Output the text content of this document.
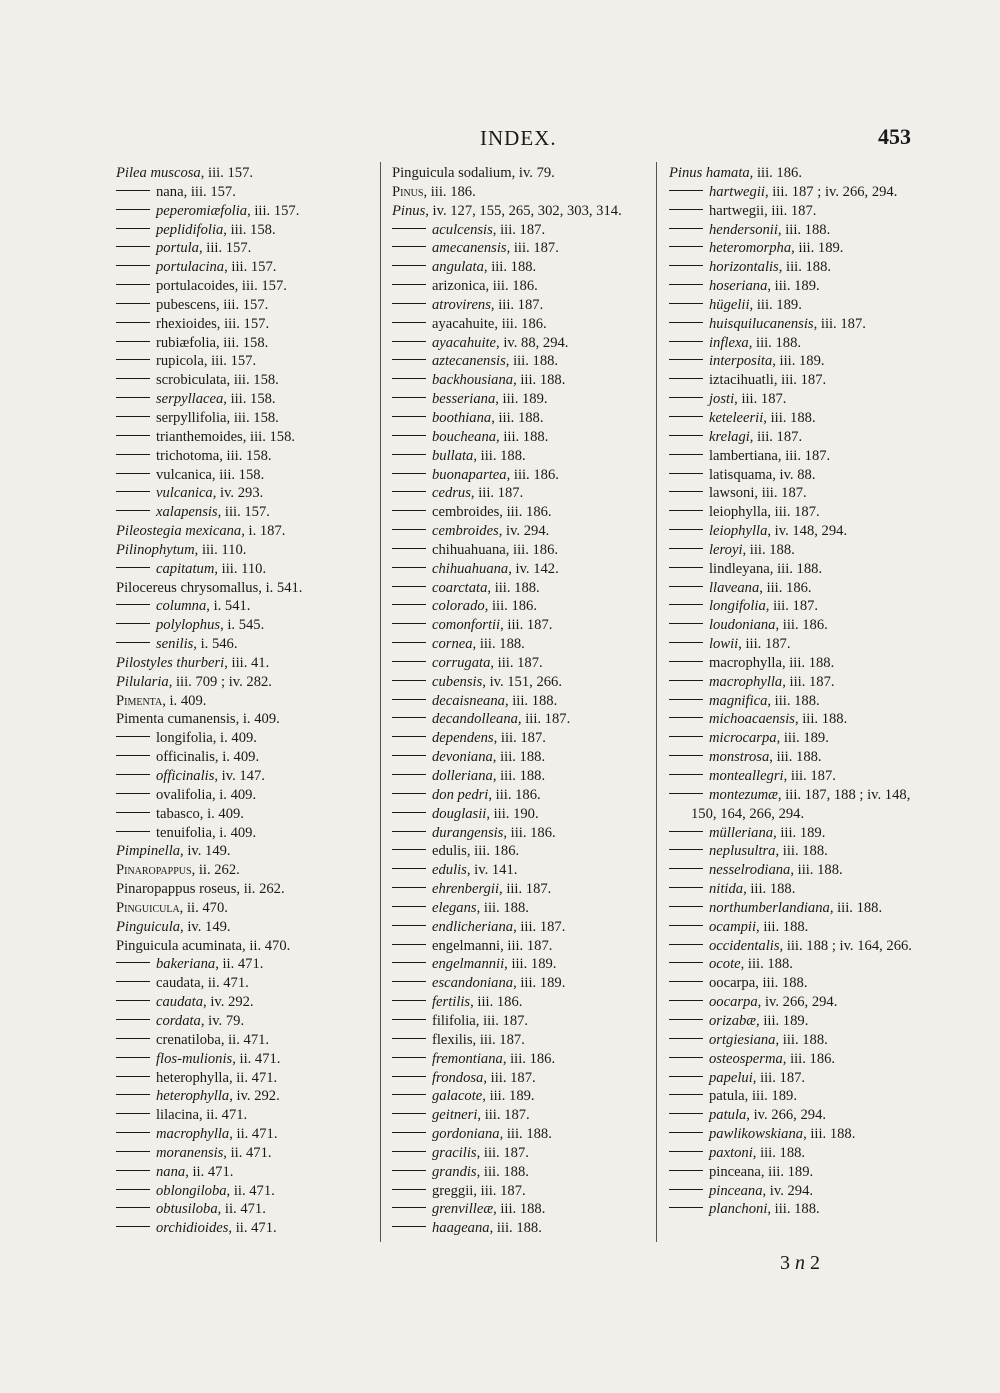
INDEX.	453
Pilea muscosa, iii. 157.
nana, iii. 157.
peperomiæfolia, iii. 157.
peplidifolia, iii. 158.
portula, iii. 157.
portulacina, iii. 157.
portulacoides, iii. 157.
pubescens, iii. 157.
rhexioides, iii. 157.
rubiæfolia, iii. 158.
rupicola, iii. 157.
scrobiculata, iii. 158.
serpyllacea, iii. 158.
serpyllifolia, iii. 158.
trianthemoides, iii. 158.
trichotoma, iii. 158.
vulcanica, iii. 158.
vulcanica, iv. 293.
xalapensis, iii. 157.
Pileostegia mexicana, i. 187.
Pilinophytum, iii. 110.
capitatum, iii. 110.
Pilocereus chrysomallus, i. 541.
columna, i. 541.
polylophus, i. 545.
senilis, i. 546.
Pilostyles thurberi, iii. 41.
Pilularia, iii. 709 ; iv. 282.
Pimenta, i. 409.
Pimenta cumanensis, i. 409.
longifolia, i. 409.
officinalis, i. 409.
officinalis, iv. 147.
ovalifolia, i. 409.
tabasco, i. 409.
tenuifolia, i. 409.
Pimpinella, iv. 149.
Pinaropappus, ii. 262.
Pinaropappus roseus, ii. 262.
Pinguicula, ii. 470.
Pinguicula, iv. 149.
Pinguicula acuminata, ii. 470.
bakeriana, ii. 471.
caudata, ii. 471.
caudata, iv. 292.
cordata, iv. 79.
crenatiloba, ii. 471.
flos-mulionis, ii. 471.
heterophylla, ii. 471.
heterophylla, iv. 292.
lilacina, ii. 471.
macrophylla, ii. 471.
moranensis, ii. 471.
nana, ii. 471.
oblongiloba, ii. 471.
obtusiloba, ii. 471.
orchidioides, ii. 471.
Pinguicula sodalium, iv. 79.
Pinus, iii. 186.
Pinus, iv. 127, 155, 265, 302, 303, 314.
aculcensis, iii. 187.
amecanensis, iii. 187.
angulata, iii. 188.
arizonica, iii. 186.
atrovirens, iii. 187.
ayacahuite, iii. 186.
ayacahuite, iv. 88, 294.
aztecanensis, iii. 188.
backhousiana, iii. 188.
besseriana, iii. 189.
boothiana, iii. 188.
boucheana, iii. 188.
bullata, iii. 188.
buonapartea, iii. 186.
cedrus, iii. 187.
cembroides, iii. 186.
cembroides, iv. 294.
chihuahuana, iii. 186.
chihuahuana, iv. 142.
coarctata, iii. 188.
colorado, iii. 186.
comonfortii, iii. 187.
cornea, iii. 188.
corrugata, iii. 187.
cubensis, iv. 151, 266.
decaisneana, iii. 188.
decandolleana, iii. 187.
dependens, iii. 187.
devoniana, iii. 188.
dolleriana, iii. 188.
don pedri, iii. 186.
douglasii, iii. 190.
durangensis, iii. 186.
edulis, iii. 186.
edulis, iv. 141.
ehrenbergii, iii. 187.
elegans, iii. 188.
endlicheriana, iii. 187.
engelmanni, iii. 187.
engelmannii, iii. 189.
escandoniana, iii. 189.
fertilis, iii. 186.
filifolia, iii. 187.
flexilis, iii. 187.
fremontiana, iii. 186.
frondosa, iii. 187.
galacote, iii. 189.
geitneri, iii. 187.
gordoniana, iii. 188.
gracilis, iii. 187.
grandis, iii. 188.
greggii, iii. 187.
grenvilleæ, iii. 188.
haageana, iii. 188.
Pinus hamata, iii. 186.
hartwegii, iii. 187 ; iv. 266, 294.
hartwegii, iii. 187.
hendersonii, iii. 188.
heteromorpha, iii. 189.
horizontalis, iii. 188.
hoseriana, iii. 189.
hügelii, iii. 189.
huisquilucanensis, iii. 187.
inflexa, iii. 188.
interposita, iii. 189.
iztacihuatli, iii. 187.
josti, iii. 187.
keteleerii, iii. 188.
krelagi, iii. 187.
lambertiana, iii. 187.
latisquama, iv. 88.
lawsoni, iii. 187.
leiophylla, iii. 187.
leiophylla, iv. 148, 294.
leroyi, iii. 188.
lindleyana, iii. 188.
llaveana, iii. 186.
longifolia, iii. 187.
loudoniana, iii. 186.
lowii, iii. 187.
macrophylla, iii. 188.
macrophylla, iii. 187.
magnifica, iii. 188.
michoacaensis, iii. 188.
microcarpa, iii. 189.
monstrosa, iii. 188.
monteallegri, iii. 187.
montezumæ, iii. 187, 188 ; iv. 148, 150, 164, 266, 294.
mülleriana, iii. 189.
neplusultra, iii. 188.
nesselrodiana, iii. 188.
nitida, iii. 188.
northumberlandiana, iii. 188.
ocampii, iii. 188.
occidentalis, iii. 188 ; iv. 164, 266.
ocote, iii. 188.
oocarpa, iii. 188.
oocarpa, iv. 266, 294.
orizabæ, iii. 189.
ortgiesiana, iii. 188.
osteosperma, iii. 186.
papelui, iii. 187.
patula, iii. 189.
patula, iv. 266, 294.
pawlikowskiana, iii. 188.
paxtoni, iii. 188.
pinceana, iii. 189.
pinceana, iv. 294.
planchoni, iii. 188.
3 n 2
